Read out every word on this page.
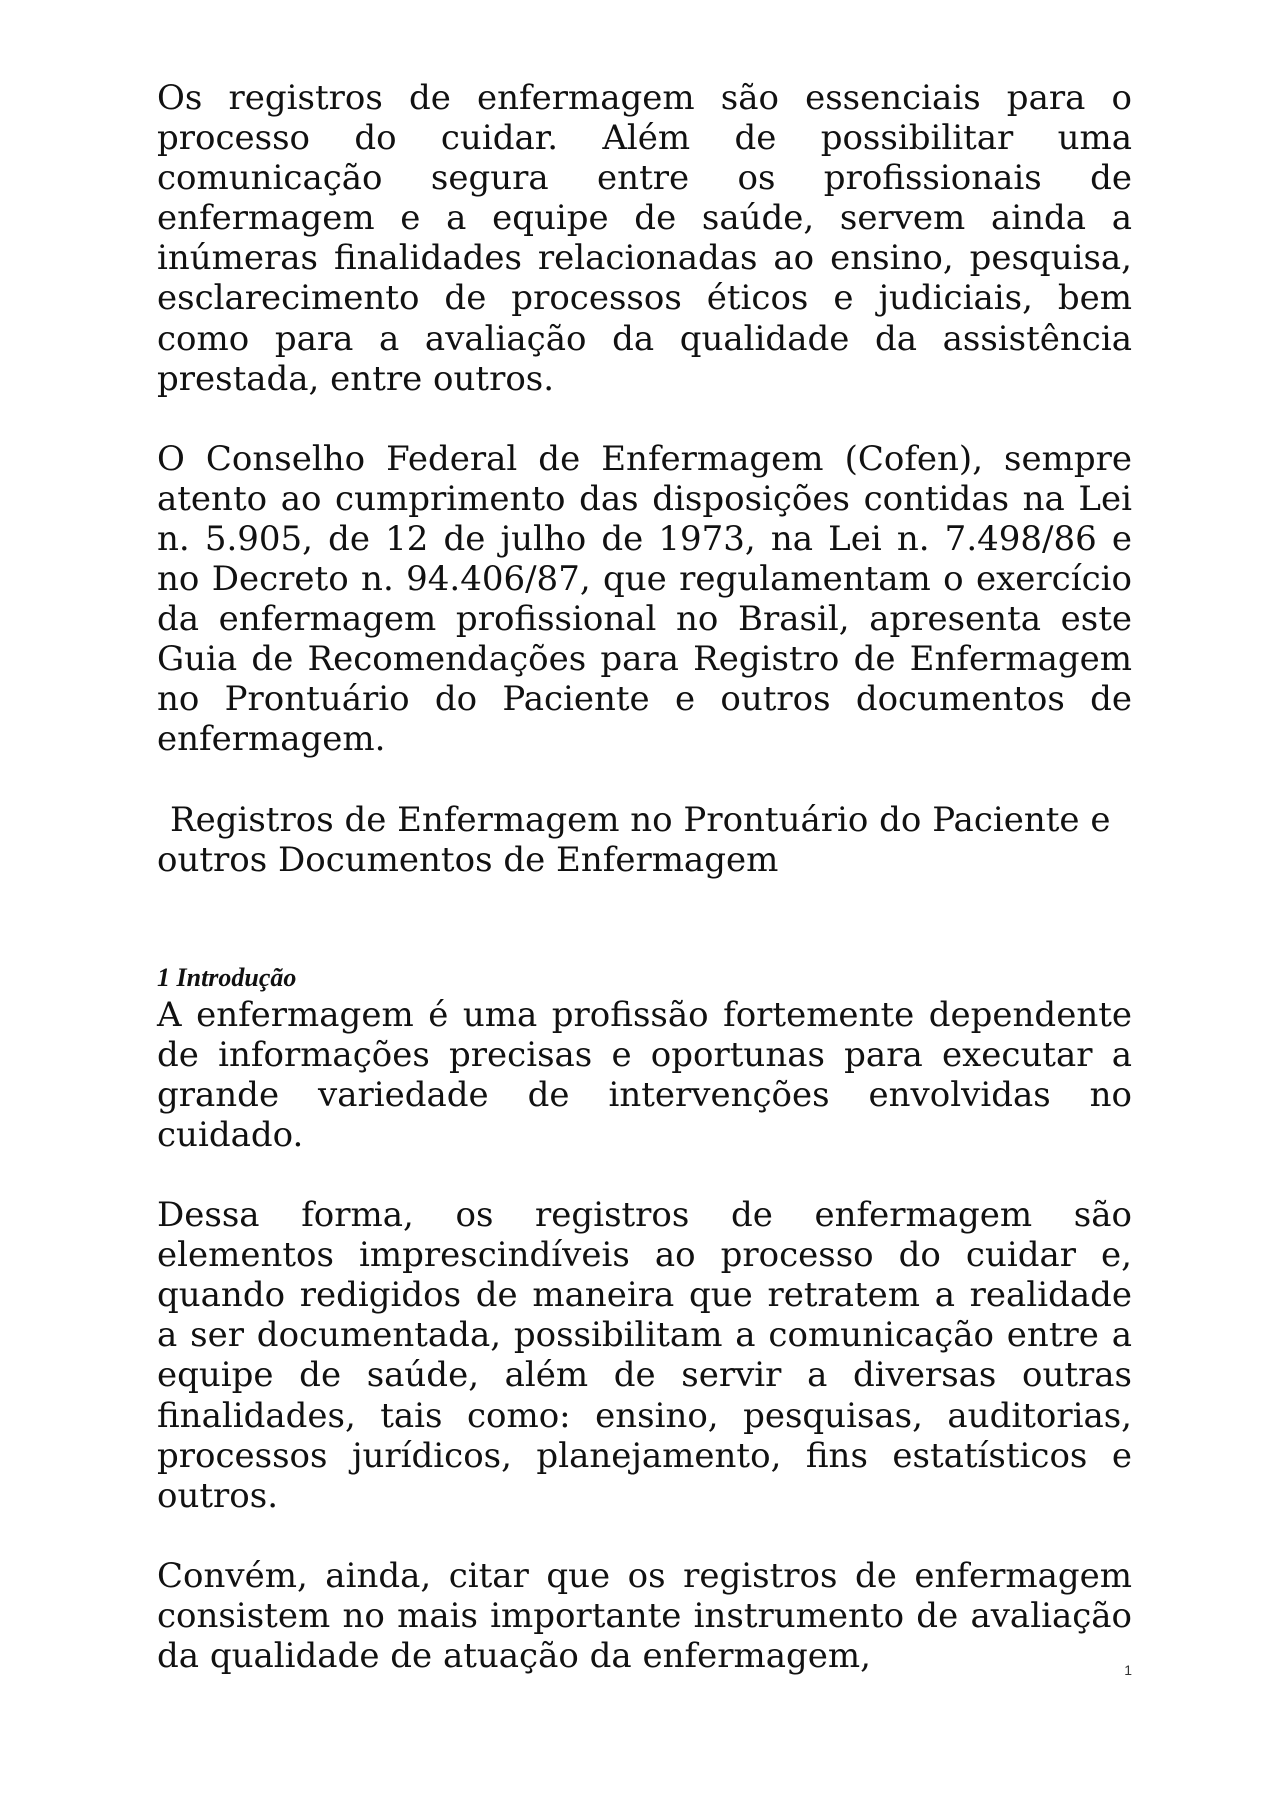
Os registros de enfermagem são essenciais para o processo do cuidar. Além de possibilitar uma comunicação segura entre os profissionais de enfermagem e a equipe de saúde, servem ainda a inúmeras finalidades relacionadas ao ensino, pesquisa, esclarecimento de processos éticos e judiciais, bem como para a avaliação da qualidade da assistência prestada, entre outros.

O Conselho Federal de Enfermagem (Cofen), sempre atento ao cumprimento das disposições contidas na Lei n. 5.905, de 12 de julho de 1973, na Lei n. 7.498/86 e no Decreto n. 94.406/87, que regulamentam o exercício da enfermagem profissional no Brasil, apresenta este Guia de Recomendações para Registro de Enfermagem no Prontuário do Paciente e outros documentos de enfermagem.

Registros de Enfermagem no Prontuário do Paciente e outros Documentos de Enfermagem

1 Introdução

A enfermagem é uma profissão fortemente dependente de informações precisas e oportunas para executar a grande variedade de intervenções envolvidas no cuidado.

Dessa forma, os registros de enfermagem são elementos imprescindíveis ao processo do cuidar e, quando redigidos de maneira que retratem a realidade a ser documentada, possibilitam a comunicação entre a equipe de saúde, além de servir a diversas outras finalidades, tais como: ensino, pesquisas, auditorias, processos jurídicos, planejamento, fins estatísticos e outros.

Convém, ainda, citar que os registros de enfermagem consistem no mais importante instrumento de avaliação da qualidade de atuação da enfermagem,	1
